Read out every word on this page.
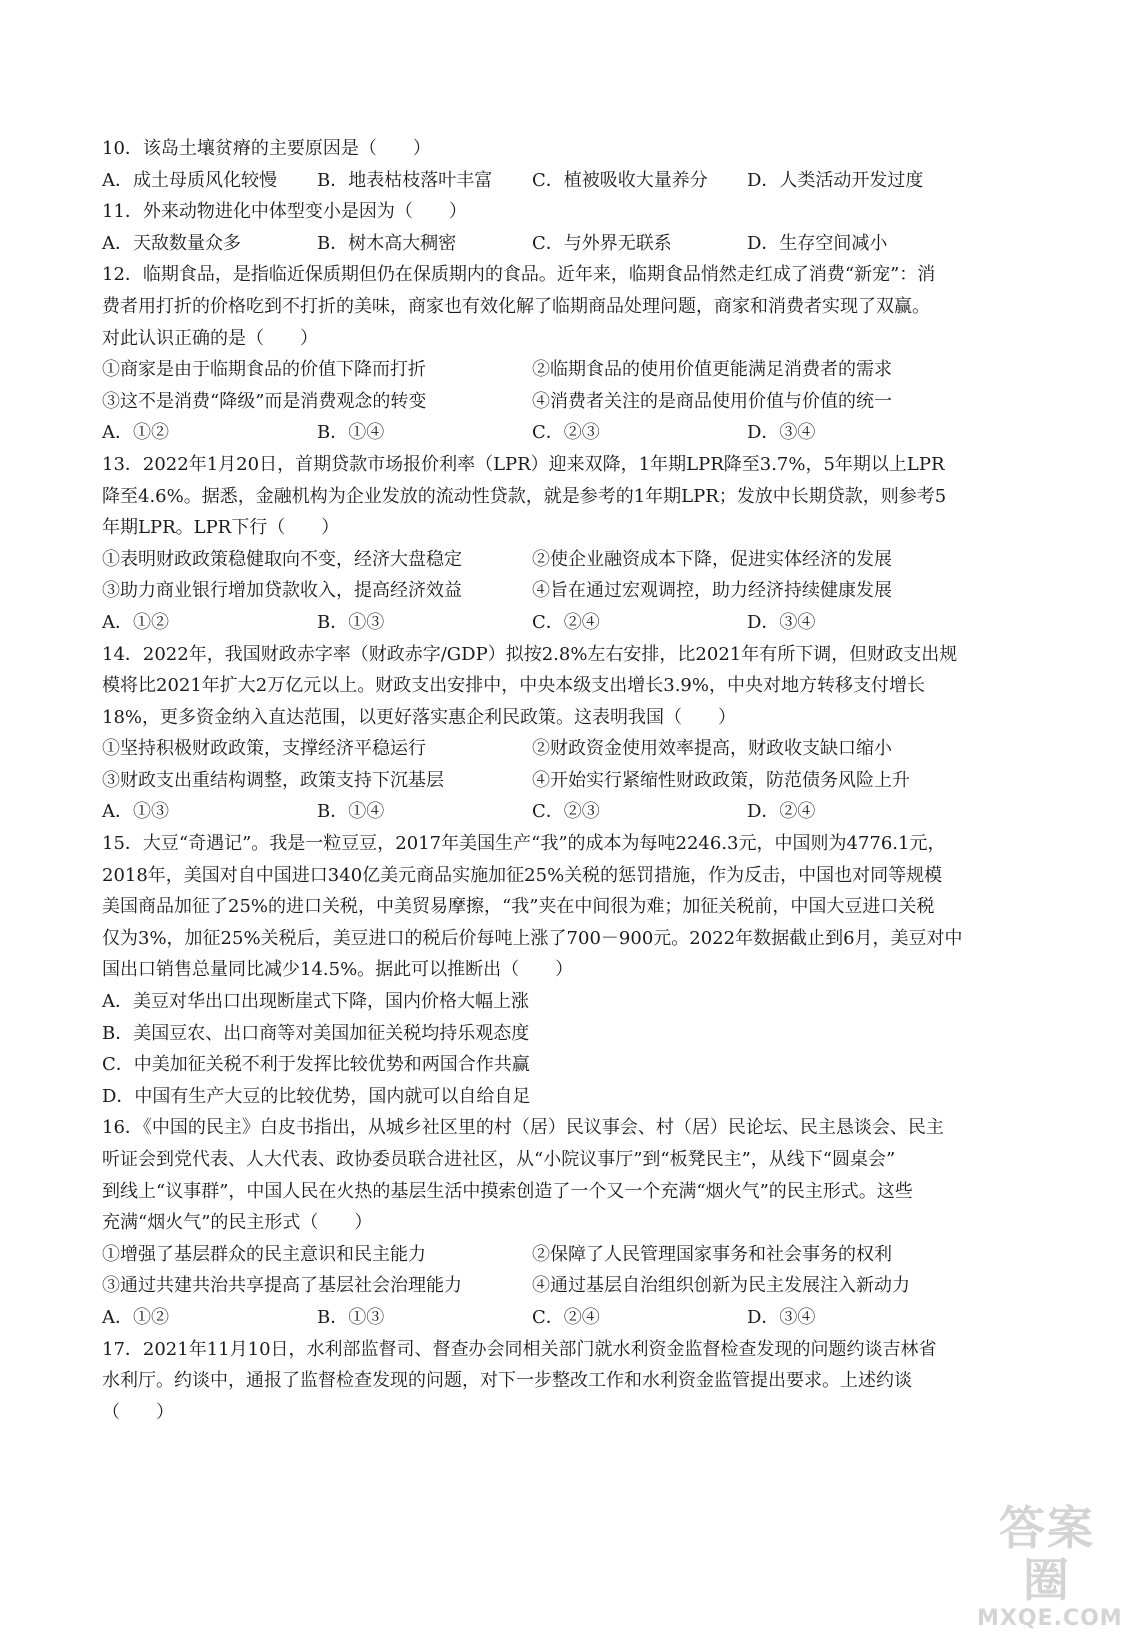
10．该岛土壤贫瘠的主要原因是（　　）
A．成土母质风化较慢	B．地表枯枝落叶丰富	C．植被吸收大量养分	D．人类活动开发过度
11．外来动物进化中体型变小是因为（　　）
A．天敌数量众多	B．树木高大稠密	C．与外界无联系	D．生存空间减小
12．临期食品，是指临近保质期但仍在保质期内的食品。近年来，临期食品悄然走红成了消费“新宠”：消
费者用打折的价格吃到不打折的美味，商家也有效化解了临期商品处理问题，商家和消费者实现了双赢。
对此认识正确的是（　　）
①商家是由于临期食品的价值下降而打折	②临期食品的使用价值更能满足消费者的需求
③这不是消费“降级”而是消费观念的转变	④消费者关注的是商品使用价值与价值的统一
A．①②	B．①④	C．②③	D．③④
13．2022年1月20日，首期贷款市场报价利率（LPR）迎来双降，1年期LPR降至3.7%，5年期以上LPR
降至4.6%。据悉，金融机构为企业发放的流动性贷款，就是参考的1年期LPR；发放中长期贷款，则参考5
年期LPR。LPR下行（　　）
①表明财政政策稳健取向不变，经济大盘稳定	②使企业融资成本下降，促进实体经济的发展
③助力商业银行增加贷款收入，提高经济效益	④旨在通过宏观调控，助力经济持续健康发展
A．①②	B．①③	C．②④	D．③④
14．2022年，我国财政赤字率（财政赤字/GDP）拟按2.8%左右安排，比2021年有所下调，但财政支出规
模将比2021年扩大2万亿元以上。财政支出安排中，中央本级支出增长3.9%，中央对地方转移支付增长
18%，更多资金纳入直达范围，以更好落实惠企利民政策。这表明我国（　　）
①坚持积极财政政策，支撑经济平稳运行	②财政资金使用效率提高，财政收支缺口缩小
③财政支出重结构调整，政策支持下沉基层	④开始实行紧缩性财政政策，防范债务风险上升
A．①③	B．①④	C．②③	D．②④
15．大豆“奇遇记”。我是一粒豆豆，2017年美国生产“我”的成本为每吨2246.3元，中国则为4776.1元，
2018年，美国对自中国进口340亿美元商品实施加征25%关税的惩罚措施，作为反击，中国也对同等规模
美国商品加征了25%的进口关税，中美贸易摩擦，“我”夹在中间很为难；加征关税前，中国大豆进口关税
仅为3%，加征25%关税后，美豆进口的税后价每吨上涨了700－900元。2022年数据截止到6月，美豆对中
国出口销售总量同比减少14.5%。据此可以推断出（　　）
A．美豆对华出口出现断崖式下降，国内价格大幅上涨
B．美国豆农、出口商等对美国加征关税均持乐观态度
C．中美加征关税不利于发挥比较优势和两国合作共赢
D．中国有生产大豆的比较优势，国内就可以自给自足
16．《中国的民主》白皮书指出，从城乡社区里的村（居）民议事会、村（居）民论坛、民主恳谈会、民主
听证会到党代表、人大代表、政协委员联合进社区，从“小院议事厅”到“板凳民主”，从线下“圆桌会”
到线上“议事群”，中国人民在火热的基层生活中摸索创造了一个又一个充满“烟火气”的民主形式。这些
充满“烟火气”的民主形式（　　）
①增强了基层群众的民主意识和民主能力	②保障了人民管理国家事务和社会事务的权利
③通过共建共治共享提高了基层社会治理能力	④通过基层自治组织创新为民主发展注入新动力
A．①②	B．①③	C．②④	D．③④
17．2021年11月10日，水利部监督司、督查办会同相关部门就水利资金监督检查发现的问题约谈吉林省
水利厅。约谈中，通报了监督检查发现的问题，对下一步整改工作和水利资金监管提出要求。上述约谈
（　　）
答案圈
MXQE.COM
